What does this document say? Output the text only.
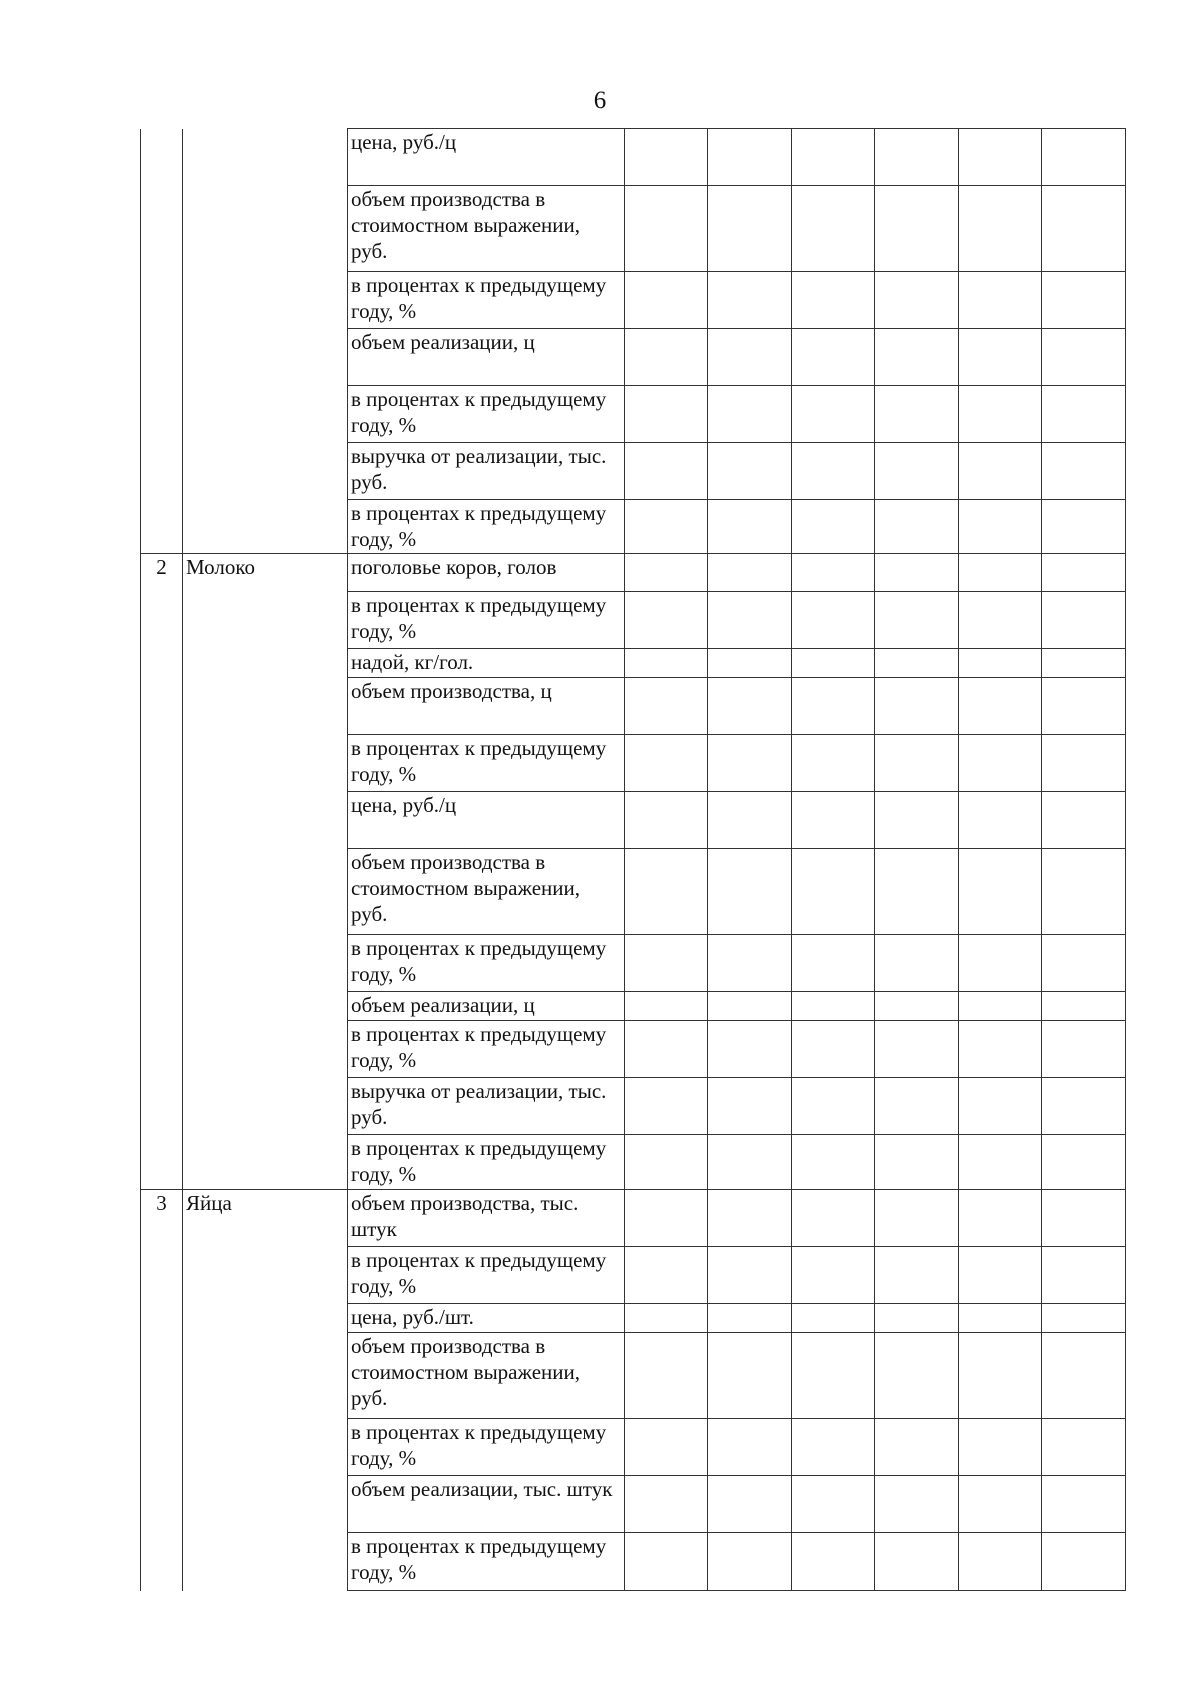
6
		цена, руб./ц						
		объем производства в стоимостном выражении, руб.						
		в процентах к предыдущему году, %						
		объем реализации, ц						
		в процентах к предыдущему году, %						
		выручка от реализации, тыс. руб.						
		в процентах к предыдущему году, %						
2	Молоко	поголовье коров, голов						
		в процентах к предыдущему году, %						
		надой, кг/гол.						
		объем производства, ц						
		в процентах к предыдущему году, %						
		цена, руб./ц						
		объем производства в стоимостном выражении, руб.						
		в процентах к предыдущему году, %						
		объем реализации, ц						
		в процентах к предыдущему году, %						
		выручка от реализации, тыс. руб.						
		в процентах к предыдущему году, %						
3	Яйца	объем производства, тыс. штук						
		в процентах к предыдущему году, %						
		цена, руб./шт.						
		объем производства в стоимостном выражении, руб.						
		в процентах к предыдущему году, %						
		объем реализации, тыс. штук						
		в процентах к предыдущему году, %						
